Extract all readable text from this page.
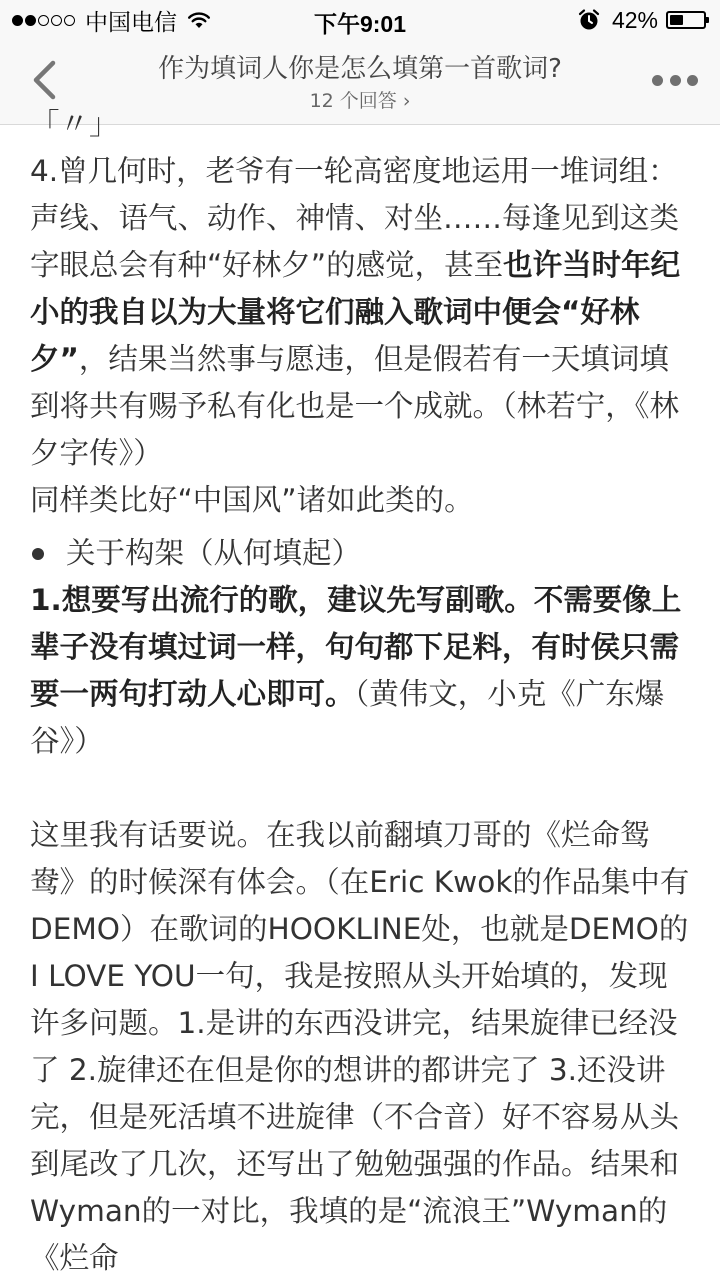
中国电信	下午9:01	42%
作为填词人你是怎么填第一首歌词?
12 个回答 ›

「〃」

4.曾几何时，老爷有一轮高密度地运用一堆词组：声线、语气、动作、神情、对坐……每逢见到这类字眼总会有种“好林夕”的感觉，甚至也许当时年纪小的我自以为大量将它们融入歌词中便会“好林夕”，结果当然事与愿违，但是假若有一天填词填到将共有赐予私有化也是一个成就。（林若宁，《林夕字传》）

同样类比好“中国风”诸如此类的。

关于构架（从何填起）

1.想要写出流行的歌，建议先写副歌。不需要像上辈子没有填过词一样，句句都下足料，有时侯只需要一两句打动人心即可。（黄伟文，小克《广东爆谷》）

这里我有话要说。在我以前翻填刀哥的《烂命鸳鸯》的时候深有体会。（在Eric Kwok的作品集中有DEMO）在歌词的HOOKLINE处，也就是DEMO的 I LOVE YOU一句，我是按照从头开始填的，发现许多问题。1.是讲的东西没讲完，结果旋律已经没了 2.旋律还在但是你的想讲的都讲完了 3.还没讲完，但是死活填不进旋律（不合音）好不容易从头到尾改了几次，还写出了勉勉强强的作品。结果和Wyman的一对比，我填的是“流浪王”Wyman的《烂命
